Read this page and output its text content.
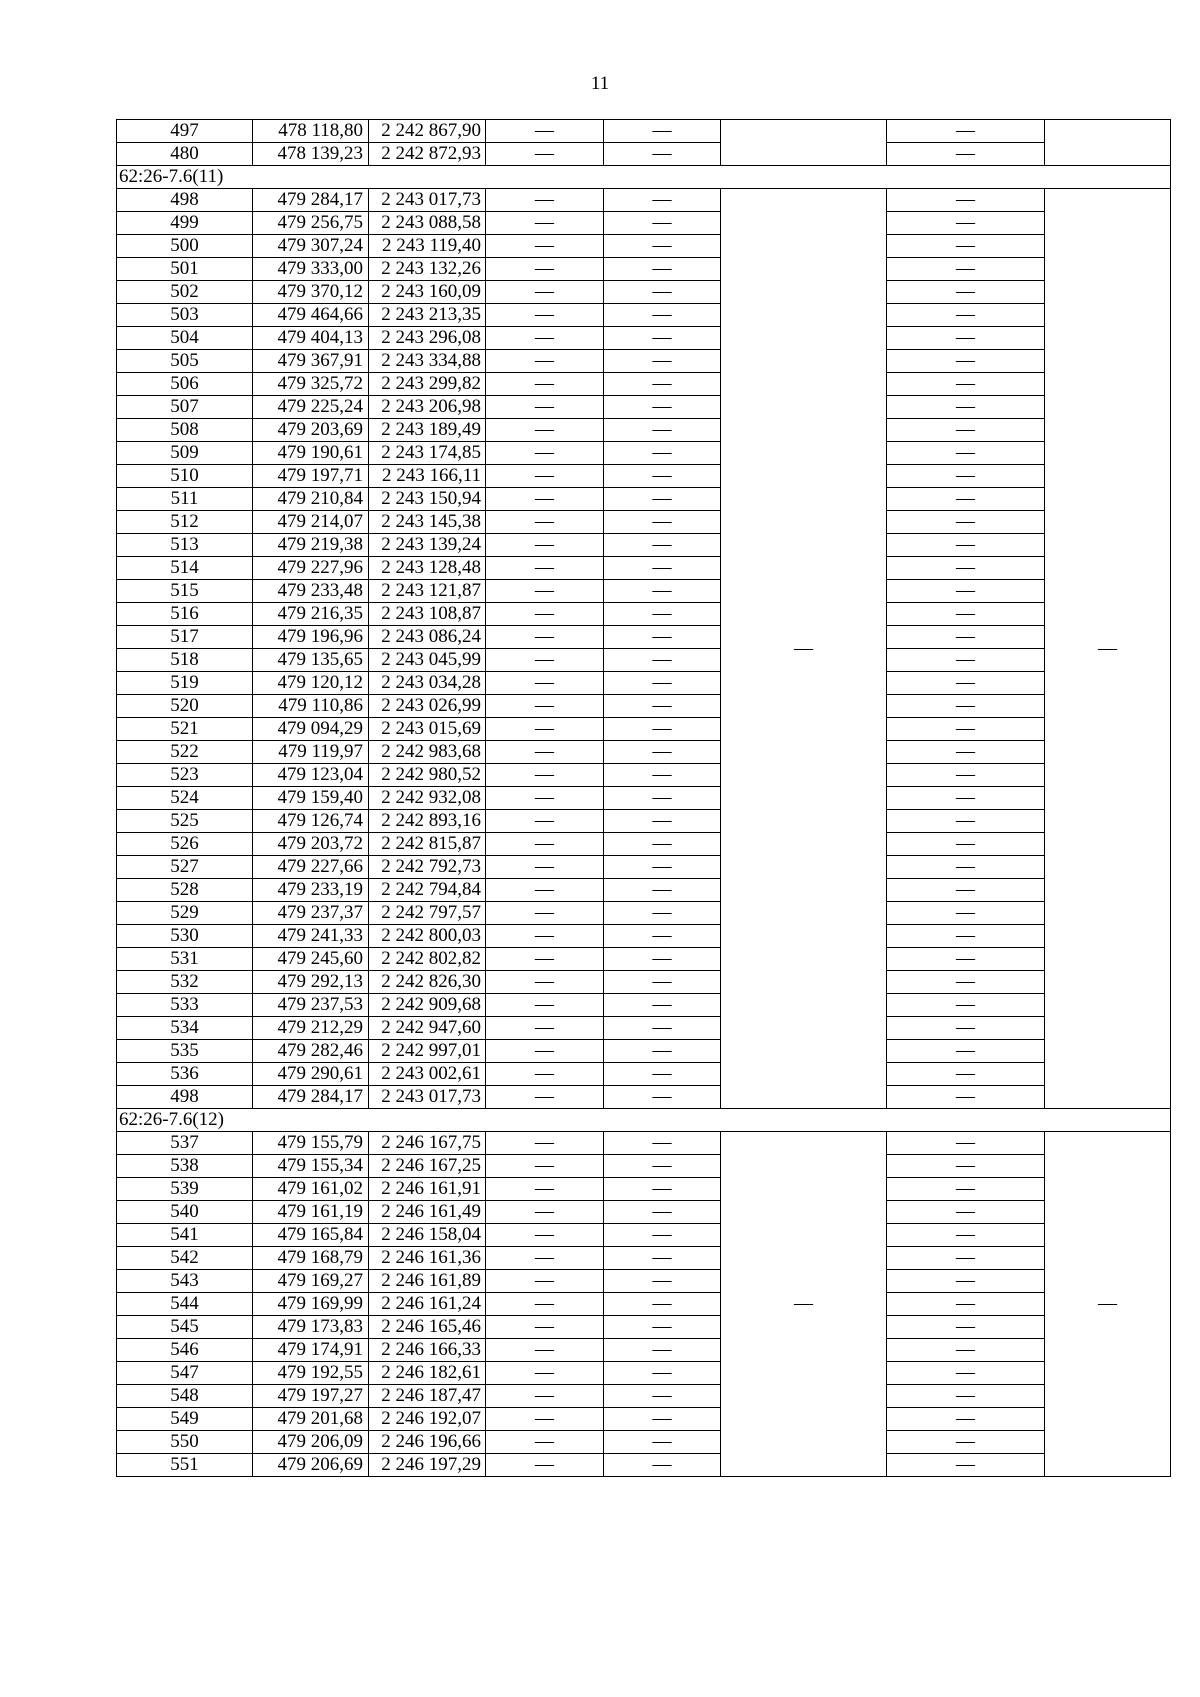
11
497	478 118,80	2 242 867,90	—	—		—	
480	478 139,23	2 242 872,93	—	—		—	
62:26-7.6(11)							
498	479 284,17	2 243 017,73	—	—	—	—	—
499	479 256,75	2 243 088,58	—	—		—	
500	479 307,24	2 243 119,40	—	—		—	
501	479 333,00	2 243 132,26	—	—		—	
502	479 370,12	2 243 160,09	—	—		—	
503	479 464,66	2 243 213,35	—	—		—	
504	479 404,13	2 243 296,08	—	—		—	
505	479 367,91	2 243 334,88	—	—		—	
506	479 325,72	2 243 299,82	—	—		—	
507	479 225,24	2 243 206,98	—	—		—	
508	479 203,69	2 243 189,49	—	—		—	
509	479 190,61	2 243 174,85	—	—		—	
510	479 197,71	2 243 166,11	—	—		—	
511	479 210,84	2 243 150,94	—	—		—	
512	479 214,07	2 243 145,38	—	—		—	
513	479 219,38	2 243 139,24	—	—		—	
514	479 227,96	2 243 128,48	—	—		—	
515	479 233,48	2 243 121,87	—	—		—	
516	479 216,35	2 243 108,87	—	—		—	
517	479 196,96	2 243 086,24	—	—		—	
518	479 135,65	2 243 045,99	—	—		—	
519	479 120,12	2 243 034,28	—	—		—	
520	479 110,86	2 243 026,99	—	—		—	
521	479 094,29	2 243 015,69	—	—		—	
522	479 119,97	2 242 983,68	—	—		—	
523	479 123,04	2 242 980,52	—	—		—	
524	479 159,40	2 242 932,08	—	—		—	
525	479 126,74	2 242 893,16	—	—		—	
526	479 203,72	2 242 815,87	—	—		—	
527	479 227,66	2 242 792,73	—	—		—	
528	479 233,19	2 242 794,84	—	—		—	
529	479 237,37	2 242 797,57	—	—		—	
530	479 241,33	2 242 800,03	—	—		—	
531	479 245,60	2 242 802,82	—	—		—	
532	479 292,13	2 242 826,30	—	—		—	
533	479 237,53	2 242 909,68	—	—		—	
534	479 212,29	2 242 947,60	—	—		—	
535	479 282,46	2 242 997,01	—	—		—	
536	479 290,61	2 243 002,61	—	—		—	
498	479 284,17	2 243 017,73	—	—		—	
62:26-7.6(12)							
537	479 155,79	2 246 167,75	—	—	—	—	—
538	479 155,34	2 246 167,25	—	—		—	
539	479 161,02	2 246 161,91	—	—		—	
540	479 161,19	2 246 161,49	—	—		—	
541	479 165,84	2 246 158,04	—	—		—	
542	479 168,79	2 246 161,36	—	—		—	
543	479 169,27	2 246 161,89	—	—		—	
544	479 169,99	2 246 161,24	—	—		—	
545	479 173,83	2 246 165,46	—	—		—	
546	479 174,91	2 246 166,33	—	—		—	
547	479 192,55	2 246 182,61	—	—		—	
548	479 197,27	2 246 187,47	—	—		—	
549	479 201,68	2 246 192,07	—	—		—	
550	479 206,09	2 246 196,66	—	—		—	
551	479 206,69	2 246 197,29	—	—		—	
